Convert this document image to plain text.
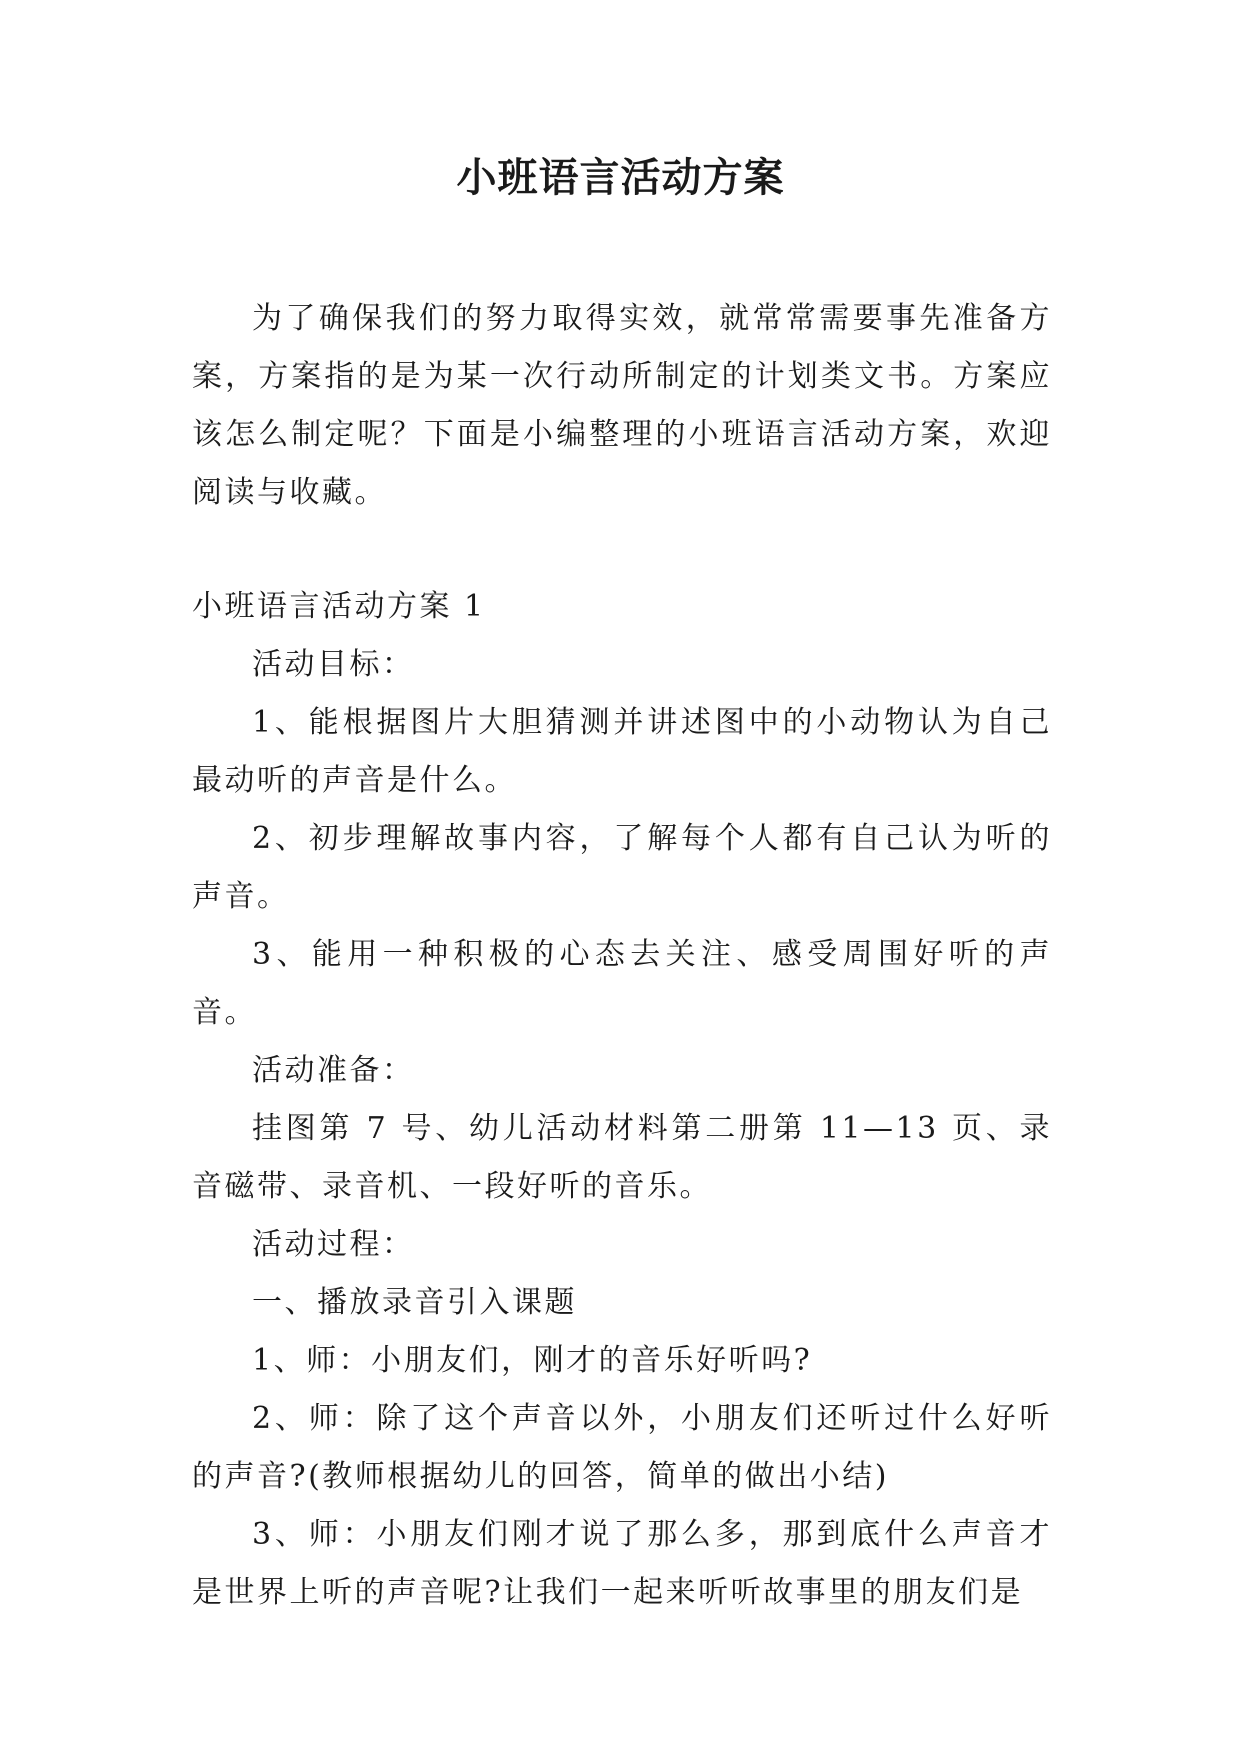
小班语言活动方案

为了确保我们的努力取得实效，就常常需要事先准备方案，方案指的是为某一次行动所制定的计划类文书。方案应该怎么制定呢？下面是小编整理的小班语言活动方案，欢迎阅读与收藏。

小班语言活动方案 1

活动目标：

1、能根据图片大胆猜测并讲述图中的小动物认为自己最动听的声音是什么。

2、初步理解故事内容，了解每个人都有自己认为听的声音。

3、能用一种积极的心态去关注、感受周围好听的声音。

活动准备：

挂图第 7 号、幼儿活动材料第二册第 11—13 页、录音磁带、录音机、一段好听的音乐。

活动过程：

一、播放录音引入课题

1、师：小朋友们，刚才的音乐好听吗?

2、师：除了这个声音以外，小朋友们还听过什么好听的声音?(教师根据幼儿的回答，简单的做出小结)

3、师：小朋友们刚才说了那么多，那到底什么声音才是世界上听的声音呢?让我们一起来听听故事里的朋友们是
